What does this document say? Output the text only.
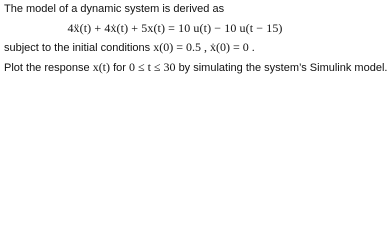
The model of a dynamic system is derived as
4ẍ(t) + 4ẋ(t) + 5x(t) = 10 u(t) − 10 u(t − 15)
subject to the initial conditions x(0) = 0.5 , ẋ(0) = 0 .
Plot the response x(t) for 0 ≤ t ≤ 30 by simulating the system’s Simulink model.
